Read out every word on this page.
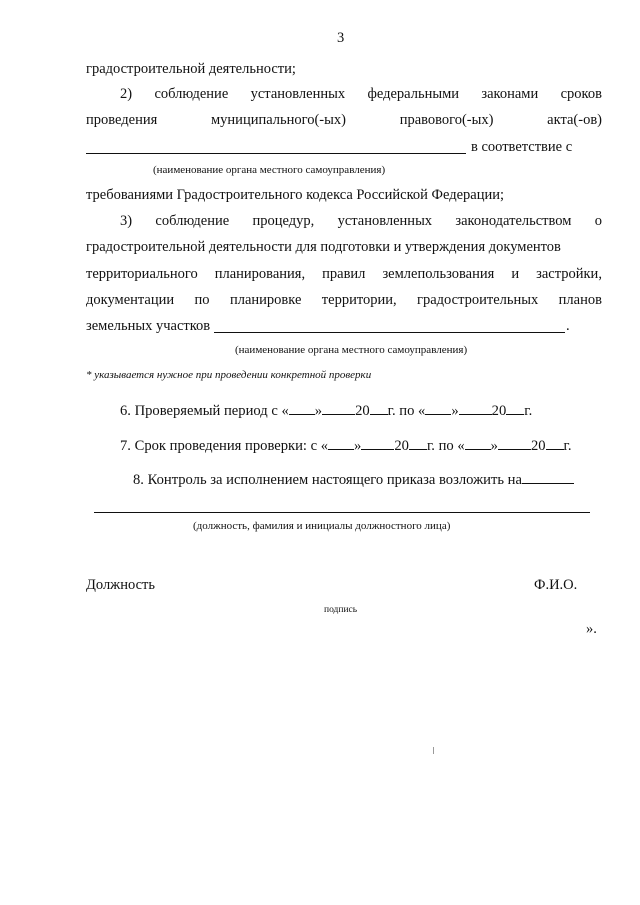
3
градостроительной деятельности;
2) соблюдение установленных федеральными законами сроков
проведения	муниципального(-ых)	правового(-ых)	акта(-ов)
в соответствие с
(наименование органа местного самоуправления)
требованиями Градостроительного кодекса Российской Федерации;
3) соблюдение процедур, установленных законодательством о
градостроительной деятельности для подготовки и утверждения документов
территориального планирования, правил землепользования и застройки,
документации по планировке территории, градостроительных планов
земельных участков	.
(наименование органа местного самоуправления)
* указывается нужное при проведении конкретной проверки
6. Проверяемый период с « » 20 г. по « » 20 г.
7. Срок проведения проверки: с « » 20 г. по « » 20 г.
8. Контроль за исполнением настоящего приказа возложить на
(должность, фамилия и инициалы должностного лица)
Должность	Ф.И.О.
подпись
».
